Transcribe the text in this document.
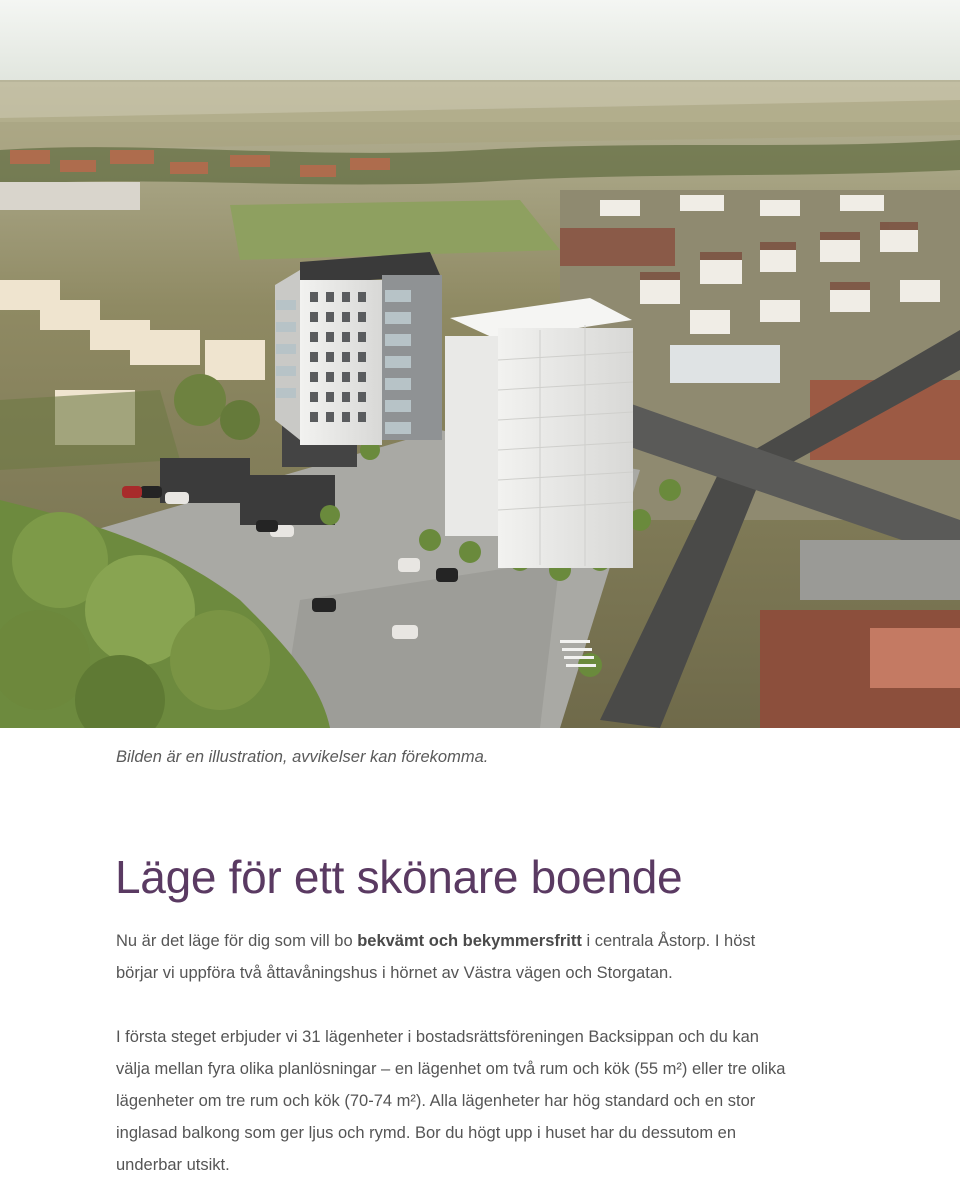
Bilden är en illustration, avvikelser kan förekomma.

Läge för ett skönare boende

Nu är det läge för dig som vill bo bekvämt och bekymmersfritt i centrala Åstorp. I höst börjar vi uppföra två åttavåningshus i hörnet av Västra vägen och Storgatan.

I första steget erbjuder vi 31 lägenheter i bostadsrättsföreningen Backsippan och du kan välja mellan fyra olika planlösningar – en lägenhet om två rum och kök (55 m²) eller tre olika lägenheter om tre rum och kök (70-74 m²). Alla lägenheter har hög standard och en stor inglasad balkong som ger ljus och rymd. Bor du högt upp i huset har du dessutom en underbar utsikt.
